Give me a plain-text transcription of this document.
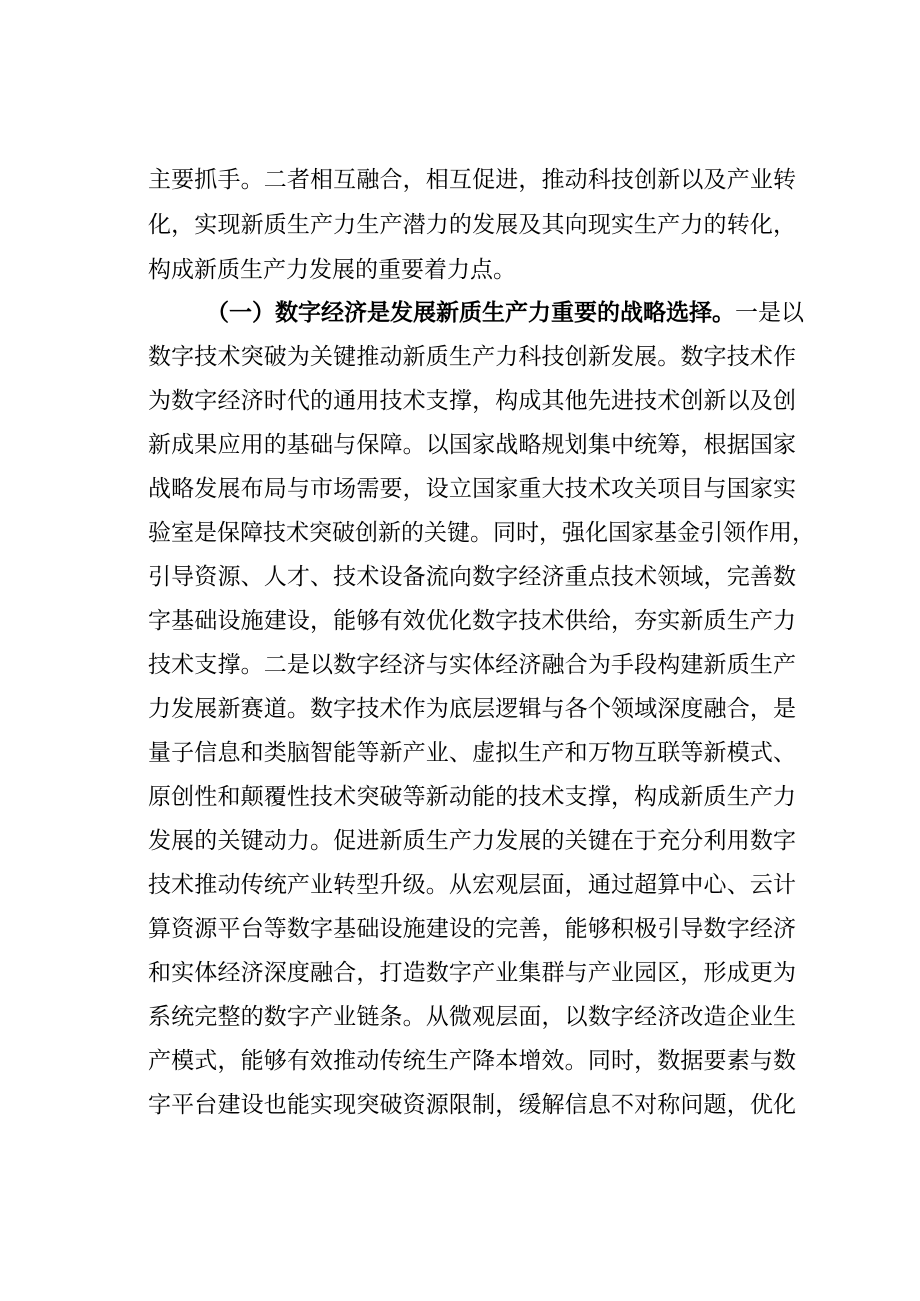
主要抓手。二者相互融合，相互促进，推动科技创新以及产业转
化，实现新质生产力生产潜力的发展及其向现实生产力的转化，
构成新质生产力发展的重要着力点。
（一）数字经济是发展新质生产力重要的战略选择。一是以
数字技术突破为关键推动新质生产力科技创新发展。数字技术作
为数字经济时代的通用技术支撑，构成其他先进技术创新以及创
新成果应用的基础与保障。以国家战略规划集中统筹，根据国家
战略发展布局与市场需要，设立国家重大技术攻关项目与国家实
验室是保障技术突破创新的关键。同时，强化国家基金引领作用，
引导资源、人才、技术设备流向数字经济重点技术领域，完善数
字基础设施建设，能够有效优化数字技术供给，夯实新质生产力
技术支撑。二是以数字经济与实体经济融合为手段构建新质生产
力发展新赛道。数字技术作为底层逻辑与各个领域深度融合，是
量子信息和类脑智能等新产业、虚拟生产和万物互联等新模式、
原创性和颠覆性技术突破等新动能的技术支撑，构成新质生产力
发展的关键动力。促进新质生产力发展的关键在于充分利用数字
技术推动传统产业转型升级。从宏观层面，通过超算中心、云计
算资源平台等数字基础设施建设的完善，能够积极引导数字经济
和实体经济深度融合，打造数字产业集群与产业园区，形成更为
系统完整的数字产业链条。从微观层面，以数字经济改造企业生
产模式，能够有效推动传统生产降本增效。同时，数据要素与数
字平台建设也能实现突破资源限制，缓解信息不对称问题，优化
